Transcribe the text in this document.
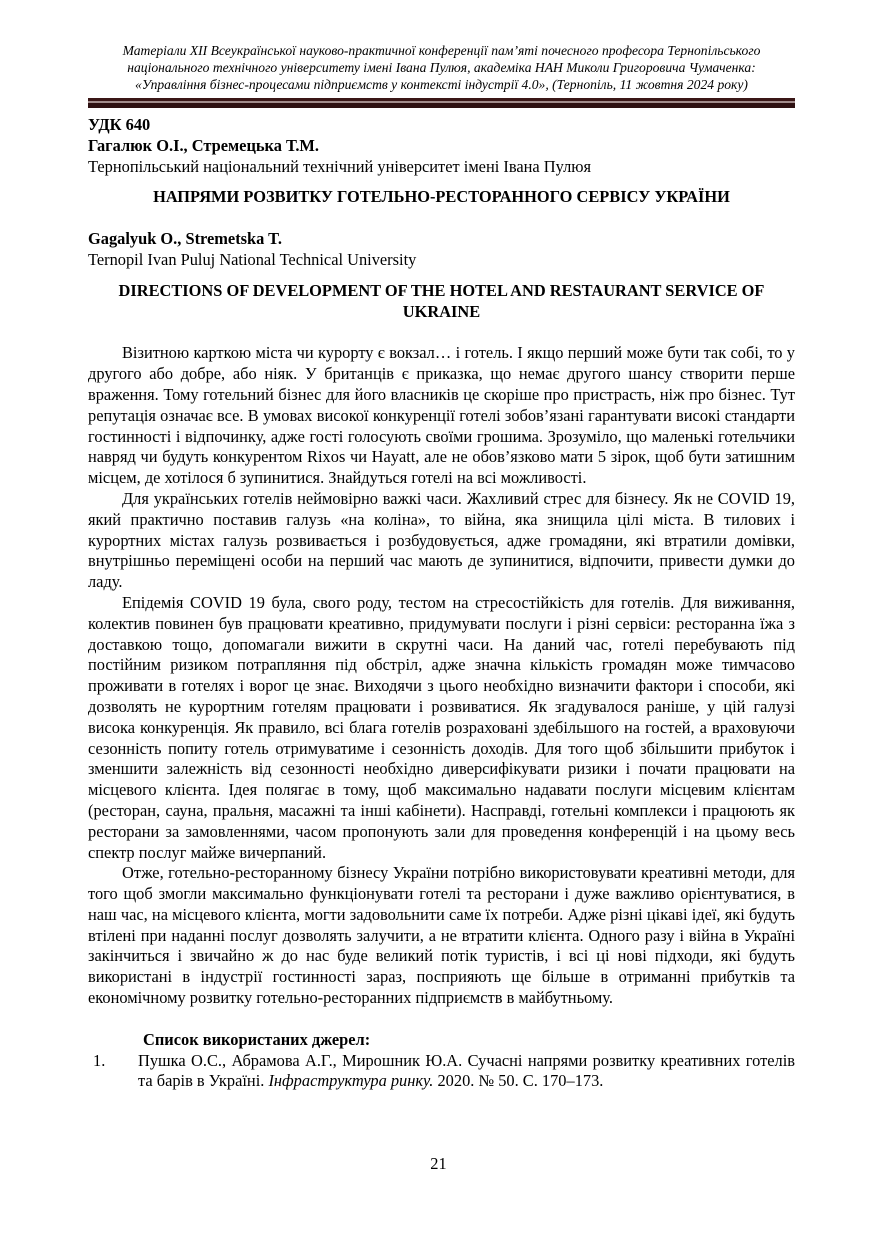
Матеріали XII Всеукраїнської науково-практичної конференції пам’яті почесного професора Тернопільського
національного технічного університету імені Івана Пулюя, академіка НАН Миколи Григоровича Чумаченка:
«Управління бізнес-процесами підприємств у контексті індустрії 4.0», (Тернопіль, 11 жовтня 2024 року)

УДК 640

Гагалюк О.І., Стремецька Т.М.

Тернопільський національний технічний університет імені Івана Пулюя

НАПРЯМИ РОЗВИТКУ ГОТЕЛЬНО-РЕСТОРАННОГО СЕРВІСУ УКРАЇНИ

Gagalyuk O., Stremetska T.

Ternopil Ivan Puluj National Technical University

DIRECTIONS OF DEVELOPMENT OF THE HOTEL AND RESTAURANT SERVICE OF UKRAINE

Візитною карткою міста чи курорту є вокзал… і готель. І якщо перший може бути так собі, то у другого або добре, або ніяк. У британців є приказка, що немає другого шансу створити перше враження. Тому готельний бізнес для його власників це скоріше про пристрасть, ніж про бізнес. Тут репутація означає все. В умовах високої конкуренції готелі зобов’язані гарантувати високі стандарти гостинності і відпочинку, адже гості голосують своїми грошима. Зрозуміло, що маленькі готельчики навряд чи будуть конкурентом Rixos чи Hayatt, але не обов’язково мати 5 зірок, щоб бути затишним місцем, де хотілося б зупинитися. Знайдуться готелі на всі можливості.

Для українських готелів неймовірно важкі часи. Жахливий стрес для бізнесу. Як не COVID 19, який практично поставив галузь «на коліна», то війна, яка знищила цілі міста. В тилових і курортних містах галузь розвивається і розбудовується, адже громадяни, які втратили домівки, внутрішньо переміщені особи на перший час мають де зупинитися, відпочити, привести думки до ладу.

Епідемія COVID 19 була, свого роду, тестом на стресостійкість для готелів. Для виживання, колектив повинен був працювати креативно, придумувати послуги і різні сервіси: ресторанна їжа з доставкою тощо, допомагали вижити в скрутні часи. На даний час, готелі перебувають під постійним ризиком потрапляння під обстріл, адже значна кількість громадян може тимчасово проживати в готелях і ворог це знає. Виходячи з цього необхідно визначити фактори і способи, які дозволять не курортним готелям працювати і розвиватися. Як згадувалося раніше, у цій галузі висока конкуренція. Як правило, всі блага готелів розраховані здебільшого на гостей, а враховуючи сезонність попиту готель отримуватиме і сезонність доходів. Для того щоб збільшити прибуток і зменшити залежність від сезонності необхідно диверсифікувати ризики і почати працювати на місцевого клієнта. Ідея полягає в тому, щоб максимально надавати послуги місцевим клієнтам (ресторан, сауна, пральня, масажні та інші кабінети). Насправді, готельні комплекси і працюють як ресторани за замовленнями, часом пропонують зали для проведення конференцій і на цьому весь спектр послуг майже вичерпаний.

Отже, готельно-ресторанному бізнесу України потрібно використовувати креативні методи, для того щоб змогли максимально функціонувати готелі та ресторани і дуже важливо орієнтуватися, в наш час, на місцевого клієнта, могти задовольнити саме їх потреби. Адже різні цікаві ідеї, які будуть втілені при наданні послуг дозволять залучити, а не втратити клієнта. Одного разу і війна в Україні закінчиться і звичайно ж до нас буде великий потік туристів, і всі ці нові підходи, які будуть використані в індустрії гостинності зараз, посприяють ще більше в отриманні прибутків та економічному розвитку готельно-ресторанних підприємств в майбутньому.

Список використаних джерел:

1.	Пушка О.С., Абрамова А.Г., Мирошник Ю.А. Сучасні напрями розвитку креативних готелів та барів в Україні. Інфраструктура ринку. 2020. № 50. С. 170–173.
21
